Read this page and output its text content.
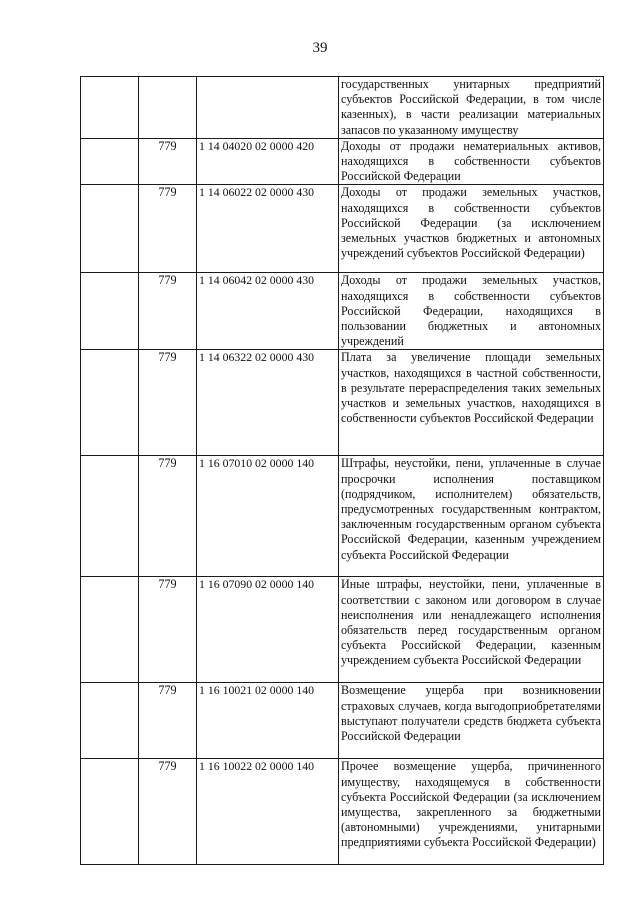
39
			государственных унитарных предприятий субъектов Российской Федерации, в том числе казенных), в части реализации материальных запасов по указанному имуществу
	779	1 14 04020 02 0000 420	Доходы от продажи нематериальных активов, находящихся в собственности субъектов Российской Федерации
	779	1 14 06022 02 0000 430	Доходы от продажи земельных участков, находящихся в собственности субъектов Российской Федерации (за исключением земельных участков бюджетных и автономных учреждений субъектов Российской Федерации)
	779	1 14 06042 02 0000 430	Доходы от продажи земельных участков, находящихся в собственности субъектов Российской Федерации, находящихся в пользовании бюджетных и автономных учреждений
	779	1 14 06322 02 0000 430	Плата за увеличение площади земельных участков, находящихся в частной собственности, в результате перераспределения таких земельных участков и земельных участков, находящихся в собственности субъектов Российской Федерации
	779	1 16 07010 02 0000 140	Штрафы, неустойки, пени, уплаченные в случае просрочки исполнения поставщиком (подрядчиком, исполнителем) обязательств, предусмотренных государственным контрактом, заключенным государственным органом субъекта Российской Федерации, казенным учреждением субъекта Российской Федерации
	779	1 16 07090 02 0000 140	Иные штрафы, неустойки, пени, уплаченные в соответствии с законом или договором в случае неисполнения или ненадлежащего исполнения обязательств перед государственным органом субъекта Российской Федерации, казенным учреждением субъекта Российской Федерации
	779	1 16 10021 02 0000 140	Возмещение ущерба при возникновении страховых случаев, когда выгодоприобретателями выступают получатели средств бюджета субъекта Российской Федерации
	779	1 16 10022 02 0000 140	Прочее возмещение ущерба, причиненного имуществу, находящемуся в собственности субъекта Российской Федерации (за исключением имущества, закрепленного за бюджетными (автономными) учреждениями, унитарными предприятиями субъекта Российской Федерации)
